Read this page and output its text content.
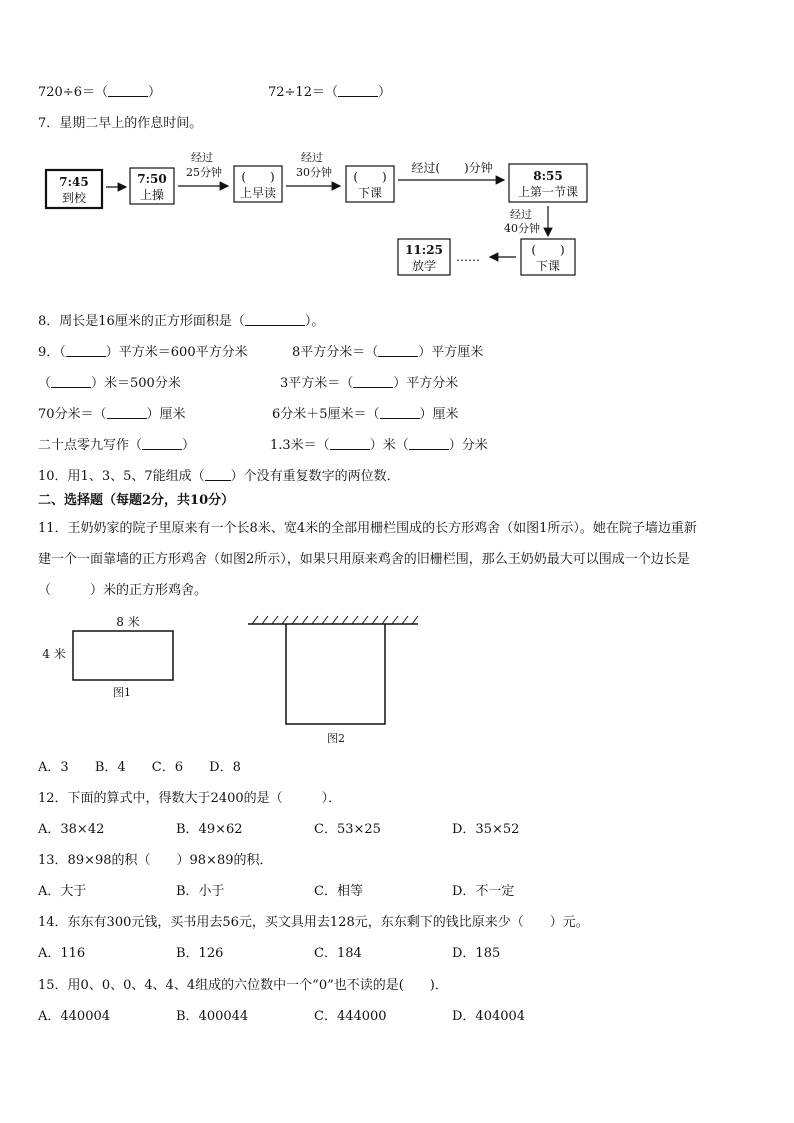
720÷6＝（	）	72÷12＝（	）
7．星期二早上的作息时间。
7:45
到校
7:50
上操
经过
25分钟 (　　)
上早读
经过
30分钟 (　　)
下课
经过(　　)分钟
8:55
上第一节课
经过
40分钟
(　　)
下课
……
11:25
放学
8．周长是16厘米的正方形面积是（	）。
9．（	）平方米＝600平方分米	8平方分米＝（	）平方厘米
（	）米＝500分米	3平方米＝（	）平方分米
70分米＝（	）厘米	6分米＋5厘米＝（	）厘米
二十点零九写作（	）	1.3米＝（	）米（	）分米
10．用1、3、5、7能组成（ ）个没有重复数字的两位数．
二、选择题（每题2分，共10分）
11．王奶奶家的院子里原来有一个长8米、宽4米的全部用栅栏围成的长方形鸡舍（如图1所示）。她在院子墙边重新
建一个一面靠墙的正方形鸡舍（如图2所示），如果只用原来鸡舍的旧栅栏围，那么王奶奶最大可以围成一个边长是
（　　　）米的正方形鸡舍。
8 米
4 米
图1
图2
A．3 B．4 C．6 D．8
12．下面的算式中，得数大于2400的是（　　　）．
A．38×42	B．49×62	C．53×25	D．35×52
13．89×98的积（　　）98×89的积．
A．大于	B．小于	C．相等	D．不一定
14．东东有300元钱，买书用去56元，买文具用去128元，东东剩下的钱比原来少（　　）元。
A．116	B．126	C．184	D．185
15．用0、0、0、4、4、4组成的六位数中一个“0”也不读的是(　　)．
A．440004	B．400044	C．444000	D．404004
